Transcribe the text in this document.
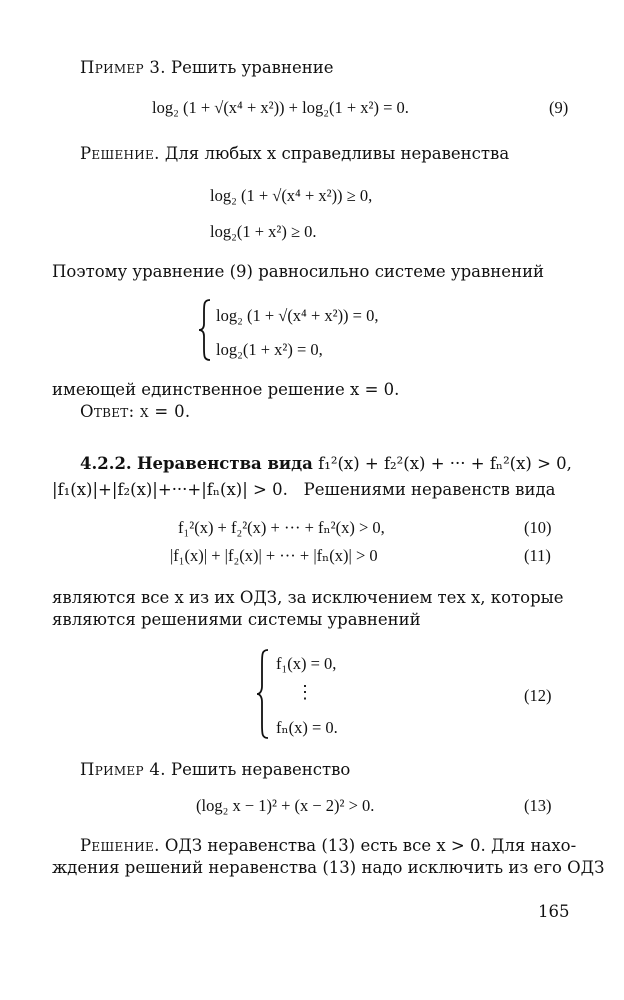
Пример 3. Решить уравнение
log₂ (1 + √(x⁴ + x²)) + log₂(1 + x²) = 0.	(9)
Решение. Для любых x справедливы неравенства
log₂ (1 + √(x⁴ + x²)) ≥ 0,
log₂(1 + x²) ≥ 0.
Поэтому уравнение (9) равносильно системе уравнений
log₂ (1 + √(x⁴ + x²)) = 0,
log₂(1 + x²) = 0,
имеющей единственное решение x = 0.
Ответ: x = 0.
4.2.2. Неравенства вида f₁²(x) + f₂²(x) + ··· + fₙ²(x) > 0,
|f₁(x)|+|f₂(x)|+···+|fₙ(x)| > 0. Решениями неравенств вида
f₁²(x) + f₂²(x) + ··· + fₙ²(x) > 0,	(10)
|f₁(x)| + |f₂(x)| + ··· + |fₙ(x)| > 0	(11)
являются все x из их ОДЗ, за исключением тех x, которые
являются решениями системы уравнений
f₁(x) = 0,
⋮
fₙ(x) = 0.
(12)
Пример 4. Решить неравенство
(log₂ x − 1)² + (x − 2)² > 0.	(13)
Решение. ОДЗ неравенства (13) есть все x > 0. Для нахо-
ждения решений неравенства (13) надо исключить из его ОДЗ
165
